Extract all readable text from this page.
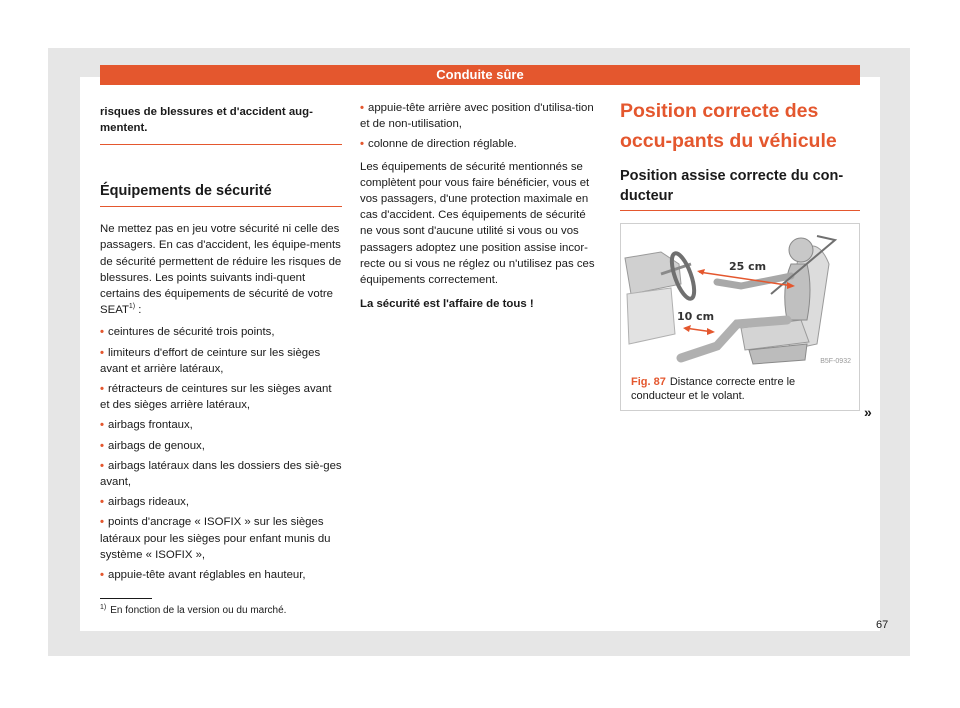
Conduite sûre
risques de blessures et d'accident aug-mentent.
Équipements de sécurité

Ne mettez pas en jeu votre sécurité ni celle des passagers. En cas d'accident, les équipe-ments de sécurité permettent de réduire les risques de blessures. Les points suivants indi-quent certains des équipements de sécurité de votre SEAT$^{1)}$ :

• ceintures de sécurité trois points,
• limiteurs d'effort de ceinture sur les sièges avant et arrière latéraux,
• rétracteurs de ceintures sur les sièges avant et des sièges arrière latéraux,
• airbags frontaux,
• airbags de genoux,
• airbags latéraux dans les dossiers des siè-ges avant,
• airbags rideaux,
• points d'ancrage « ISOFIX » sur les sièges latéraux pour les sièges pour enfant munis du système « ISOFIX »,
• appuie-tête avant réglables en hauteur,
• appuie-tête arrière avec position d'utilisa-tion et de non-utilisation,
• colonne de direction réglable.

Les équipements de sécurité mentionnés se complètent pour vous faire bénéficier, vous et vos passagers, d'une protection maximale en cas d'accident. Ces équipements de sécurité ne vous sont d'aucune utilité si vous ou vos passagers adoptez une position assise incor-recte ou si vous ne réglez ou n'utilisez pas ces équipements correctement.

La sécurité est l'affaire de tous !

Position correcte des occu-pants du véhicule
Position assise correcte du con-ducteur
25 cm
10 cm
B5F-0932
Fig. 87 Distance correcte entre le conducteur et le volant.
»
$^{1)}$ En fonction de la version ou du marché.
67
